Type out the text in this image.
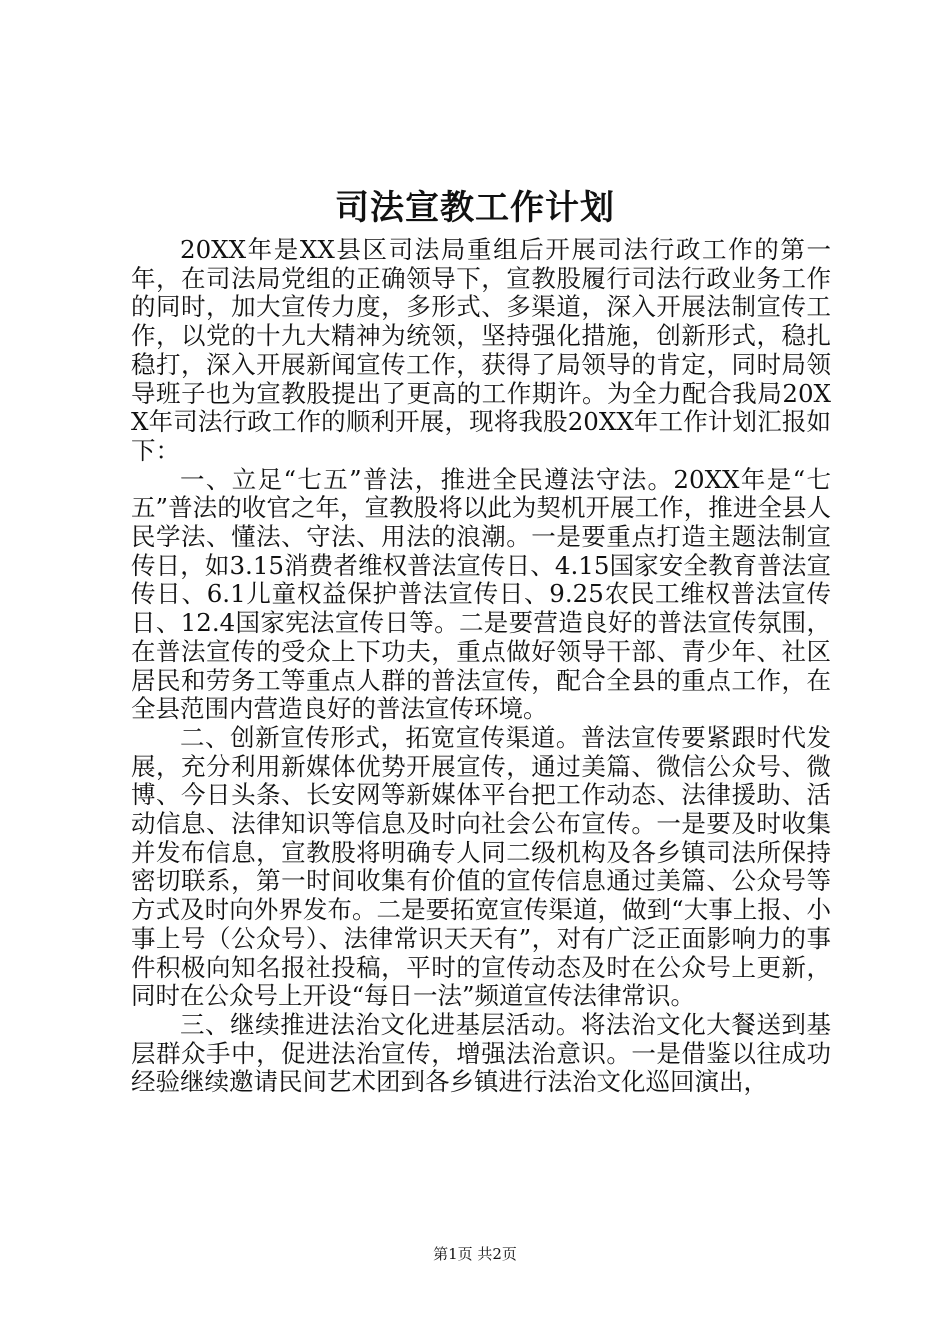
司法宣教工作计划

20XX年是XX县区司法局重组后开展司法行政工作的第一年，在司法局党组的正确领导下，宣教股履行司法行政业务工作的同时，加大宣传力度，多形式、多渠道，深入开展法制宣传工作，以党的十九大精神为统领，坚持强化措施，创新形式，稳扎稳打，深入开展新闻宣传工作，获得了局领导的肯定，同时局领导班子也为宣教股提出了更高的工作期许。为全力配合我局20XX年司法行政工作的顺利开展，现将我股20XX年工作计划汇报如下：

一、立足“七五”普法，推进全民遵法守法。20XX年是“七五”普法的收官之年，宣教股将以此为契机开展工作，推进全县人民学法、懂法、守法、用法的浪潮。一是要重点打造主题法制宣传日，如3.15消费者维权普法宣传日、4.15国家安全教育普法宣传日、6.1儿童权益保护普法宣传日、9.25农民工维权普法宣传日、12.4国家宪法宣传日等。二是要营造良好的普法宣传氛围，在普法宣传的受众上下功夫，重点做好领导干部、青少年、社区居民和劳务工等重点人群的普法宣传，配合全县的重点工作，在全县范围内营造良好的普法宣传环境。

二、创新宣传形式，拓宽宣传渠道。普法宣传要紧跟时代发展，充分利用新媒体优势开展宣传，通过美篇、微信公众号、微博、今日头条、长安网等新媒体平台把工作动态、法律援助、活动信息、法律知识等信息及时向社会公布宣传。一是要及时收集并发布信息，宣教股将明确专人同二级机构及各乡镇司法所保持密切联系，第一时间收集有价值的宣传信息通过美篇、公众号等方式及时向外界发布。二是要拓宽宣传渠道，做到“大事上报、小事上号（公众号）、法律常识天天有”，对有广泛正面影响力的事件积极向知名报社投稿，平时的宣传动态及时在公众号上更新，同时在公众号上开设“每日一法”频道宣传法律常识。

三、继续推进法治文化进基层活动。将法治文化大餐送到基层群众手中，促进法治宣传，增强法治意识。一是借鉴以往成功经验继续邀请民间艺术团到各乡镇进行法治文化巡回演出，

第1页 共2页
